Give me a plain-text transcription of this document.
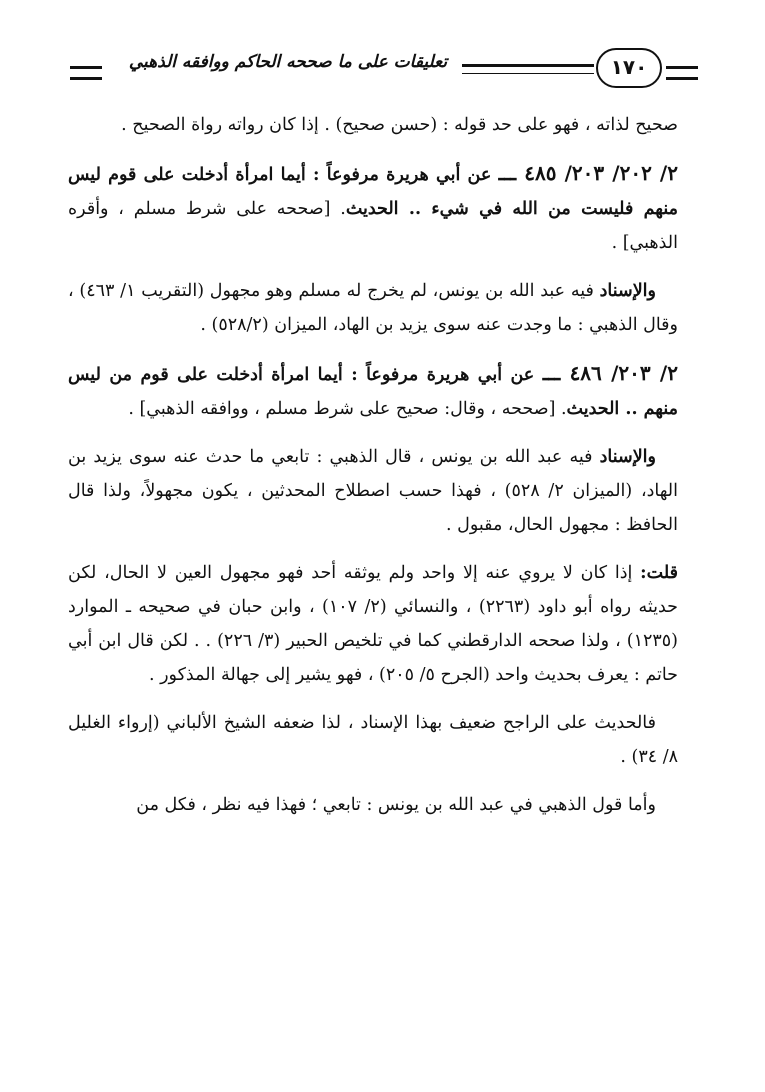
تعليقات على ما صححه الحاكم ووافقه الذهبي	١٧٠

صحيح لذاته ، فهو على حد قوله : (حسن صحيح) . إذا كان رواته رواة الصحيح .

٢/ ٢٠٢/ ٢٠٣/ ٤٨٥ ـــ عن أبي هريرة مرفوعاً : أيما امرأة أدخلت على قوم ليس منهم فليست من الله في شيء .. الحديث. [صححه على شرط مسلم ، وأقره الذهبي] .

والإسناد فيه عبد الله بن يونس، لم يخرج له مسلم وهو مجهول (التقريب ١/ ٤٦٣) ، وقال الذهبي : ما وجدت عنه سوى يزيد بن الهاد، الميزان (٥٢٨/٢) .

٢/ ٢٠٣/ ٤٨٦ ـــ عن أبي هريرة مرفوعاً : أيما امرأة أدخلت على قوم من ليس منهم .. الحديث. [صححه ، وقال: صحيح على شرط مسلم ، ووافقه الذهبي] .

والإسناد فيه عبد الله بن يونس ، قال الذهبي : تابعي ما حدث عنه سوى يزيد بن الهاد، (الميزان ٢/ ٥٢٨) ، فهذا حسب اصطلاح المحدثين ، يكون مجهولاً، ولذا قال الحافظ : مجهول الحال، مقبول .

قلت: إذا كان لا يروي عنه إلا واحد ولم يوثقه أحد فهو مجهول العين لا الحال، لكن حديثه رواه أبو داود (٢٢٦٣) ، والنسائي (٢/ ١٠٧) ، وابن حبان في صحيحه ـ الموارد (١٢٣٥) ، ولذا صححه الدارقطني كما في تلخيص الحبير (٣/ ٢٢٦) . . لكن قال ابن أبي حاتم : يعرف بحديث واحد (الجرح ٥/ ٢٠٥) ، فهو يشير إلى جهالة المذكور .

فالحديث على الراجح ضعيف بهذا الإسناد ، لذا ضعفه الشيخ الألباني (إرواء الغليل ٨/ ٣٤) .

وأما قول الذهبي في عبد الله بن يونس : تابعي ؛ فهذا فيه نظر ، فكل من
